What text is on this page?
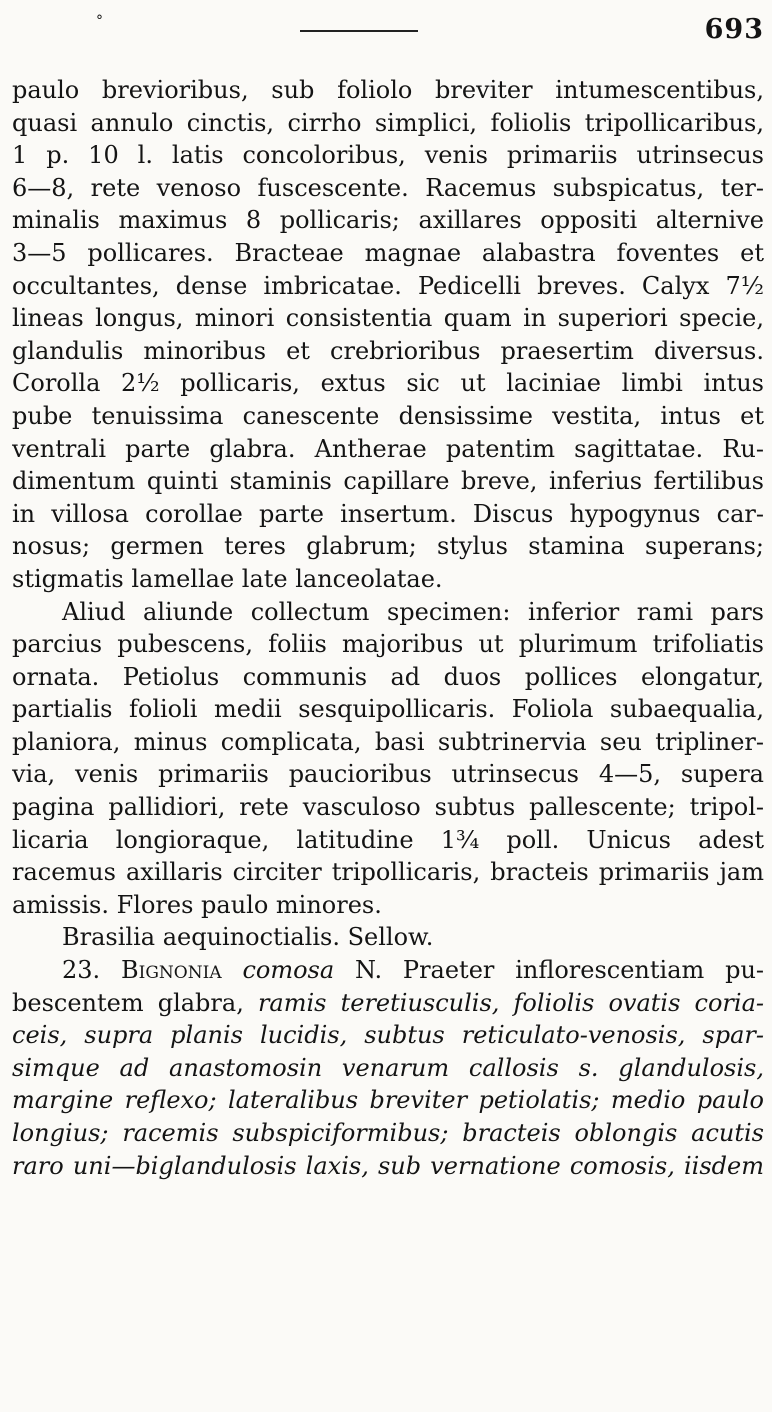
°	693
paulo brevioribus, sub foliolo breviter intumescentibus,
quasi annulo cinctis, cirrho simplici, foliolis tripollicaribus,
1 p. 10 l. latis concoloribus, venis primariis utrinsecus
6—8, rete venoso fuscescente. Racemus subspicatus, ter-
minalis maximus 8 pollicaris; axillares oppositi alternive
3—5 pollicares. Bracteae magnae alabastra foventes et
occultantes, dense imbricatae. Pedicelli breves. Calyx 7½
lineas longus, minori consistentia quam in superiori specie,
glandulis minoribus et crebrioribus praesertim diversus.
Corolla 2½ pollicaris, extus sic ut laciniae limbi intus
pube tenuissima canescente densissime vestita, intus et
ventrali parte glabra. Antherae patentim sagittatae. Ru-
dimentum quinti staminis capillare breve, inferius fertilibus
in villosa corollae parte insertum. Discus hypogynus car-
nosus; germen teres glabrum; stylus stamina superans;
stigmatis lamellae late lanceolatae.
Aliud aliunde collectum specimen: inferior rami pars
parcius pubescens, foliis majoribus ut plurimum trifoliatis
ornata. Petiolus communis ad duos pollices elongatur,
partialis folioli medii sesquipollicaris. Foliola subaequalia,
planiora, minus complicata, basi subtrinervia seu tripliner-
via, venis primariis paucioribus utrinsecus 4—5, supera
pagina pallidiori, rete vasculoso subtus pallescente; tripol-
licaria longioraque, latitudine 1¾ poll. Unicus adest
racemus axillaris circiter tripollicaris, bracteis primariis jam
amissis. Flores paulo minores.
Brasilia aequinoctialis. Sellow.
23. Bignonia comosa N. Praeter inflorescentiam pu-
bescentem glabra, ramis teretiusculis, foliolis ovatis coria-
ceis, supra planis lucidis, subtus reticulato-venosis, spar-
simque ad anastomosin venarum callosis s. glandulosis,
margine reflexo; lateralibus breviter petiolatis; medio paulo
longius; racemis subspiciformibus; bracteis oblongis acutis
raro uni—biglandulosis laxis, sub vernatione comosis, iisdem
